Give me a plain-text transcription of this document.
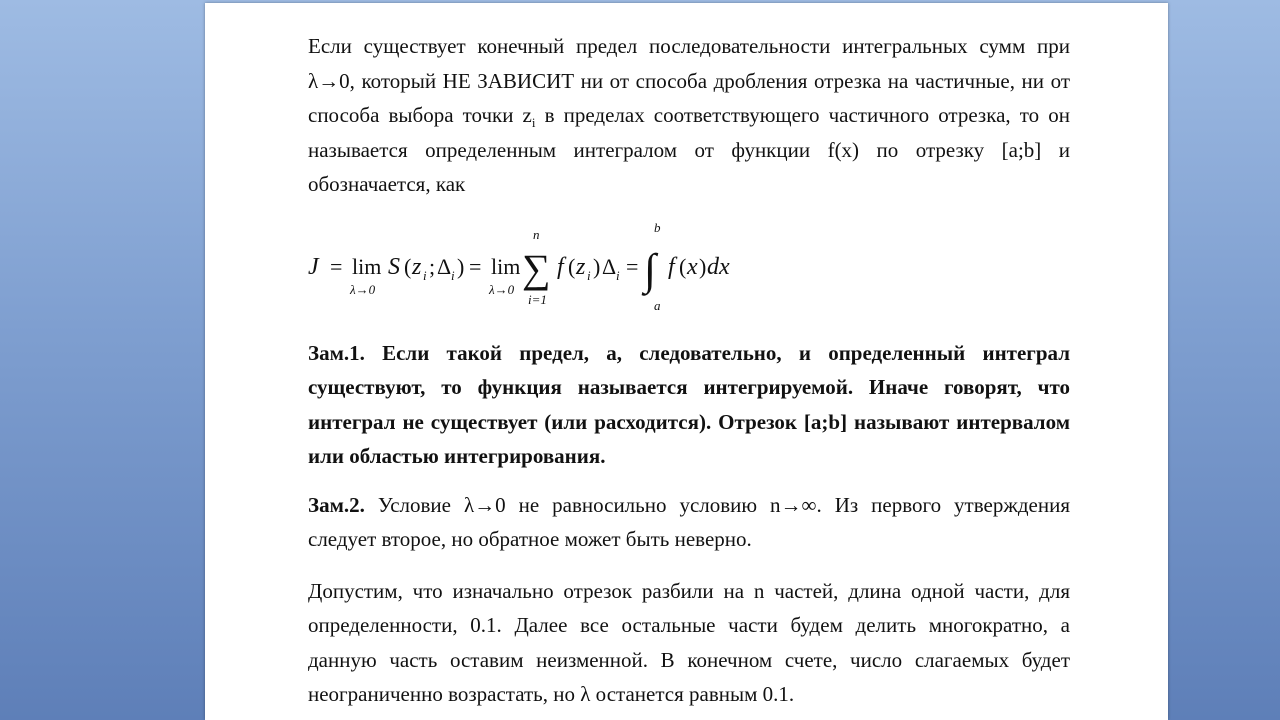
Если существует конечный предел последовательности интегральных сумм при λ→0, который НЕ ЗАВИСИТ ни от способа дробления отрезка на частичные, ни от способа выбора точки $z_i$ в пределах соответствующего частичного отрезка, то он называется определенным интегралом от функции f(x) по отрезку [a;b] и обозначается, как

J = lim
λ→0
S ( z i ; Δ i ) = lim
λ→0
n
∑
i=1
f ( z i ) Δ i =
b
∫
a
f ( x ) dx

Зам.1. Если такой предел, а, следовательно, и определенный интеграл существуют, то функция называется интегрируемой. Иначе говорят, что интеграл не существует (или расходится). Отрезок [a;b] называют интервалом или областью интегрирования.

Зам.2. Условие λ→0 не равносильно условию n→∞. Из первого утверждения следует второе, но обратное может быть неверно.

Допустим, что изначально отрезок разбили на n частей, длина одной части, для определенности, 0.1. Далее все остальные части будем делить многократно, а данную часть оставим неизменной. В конечном счете, число слагаемых будет неограниченно возрастать, но λ останется равным 0.1.
